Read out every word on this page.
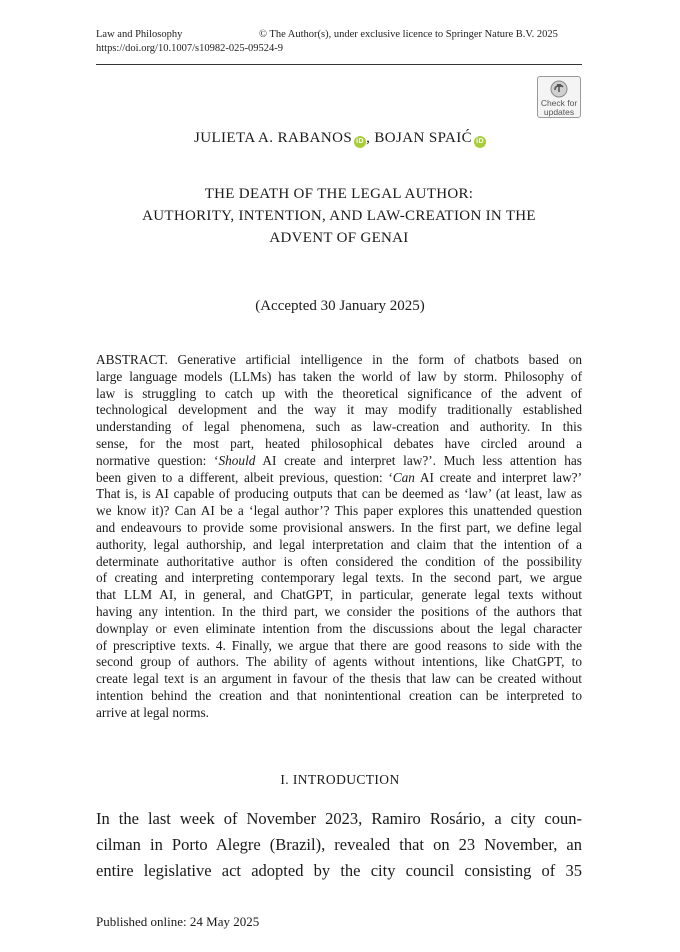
Law and Philosophy	© The Author(s), under exclusive licence to Springer Nature B.V. 2025
https://doi.org/10.1007/s10982-025-09524-9
Check for
updates
JULIETA A. RABANOS iD , BOJAN SPAIĆ iD
THE DEATH OF THE LEGAL AUTHOR:
AUTHORITY, INTENTION, AND LAW-CREATION IN THE
ADVENT OF GENAI
(Accepted 30 January 2025)
ABSTRACT. Generative artificial intelligence in the form of chatbots based on
large language models (LLMs) has taken the world of law by storm. Philosophy of
law is struggling to catch up with the theoretical significance of the advent of
technological development and the way it may modify traditionally established
understanding of legal phenomena, such as law-creation and authority. In this
sense, for the most part, heated philosophical debates have circled around a
normative question: ‘Should AI create and interpret law?’. Much less attention has
been given to a different, albeit previous, question: ‘Can AI create and interpret law?’
That is, is AI capable of producing outputs that can be deemed as ‘law’ (at least, law as
we know it)? Can AI be a ‘legal author’? This paper explores this unattended question
and endeavours to provide some provisional answers. In the first part, we define legal
authority, legal authorship, and legal interpretation and claim that the intention of a
determinate authoritative author is often considered the condition of the possibility
of creating and interpreting contemporary legal texts. In the second part, we argue
that LLM AI, in general, and ChatGPT, in particular, generate legal texts without
having any intention. In the third part, we consider the positions of the authors that
downplay or even eliminate intention from the discussions about the legal character
of prescriptive texts. 4. Finally, we argue that there are good reasons to side with the
second group of authors. The ability of agents without intentions, like ChatGPT, to
create legal text is an argument in favour of the thesis that law can be created without
intention behind the creation and that nonintentional creation can be interpreted to
arrive at legal norms.
I. INTRODUCTION
In the last week of November 2023, Ramiro Rosário, a city coun-
cilman in Porto Alegre (Brazil), revealed that on 23 November, an
entire legislative act adopted by the city council consisting of 35
Published online: 24 May 2025
